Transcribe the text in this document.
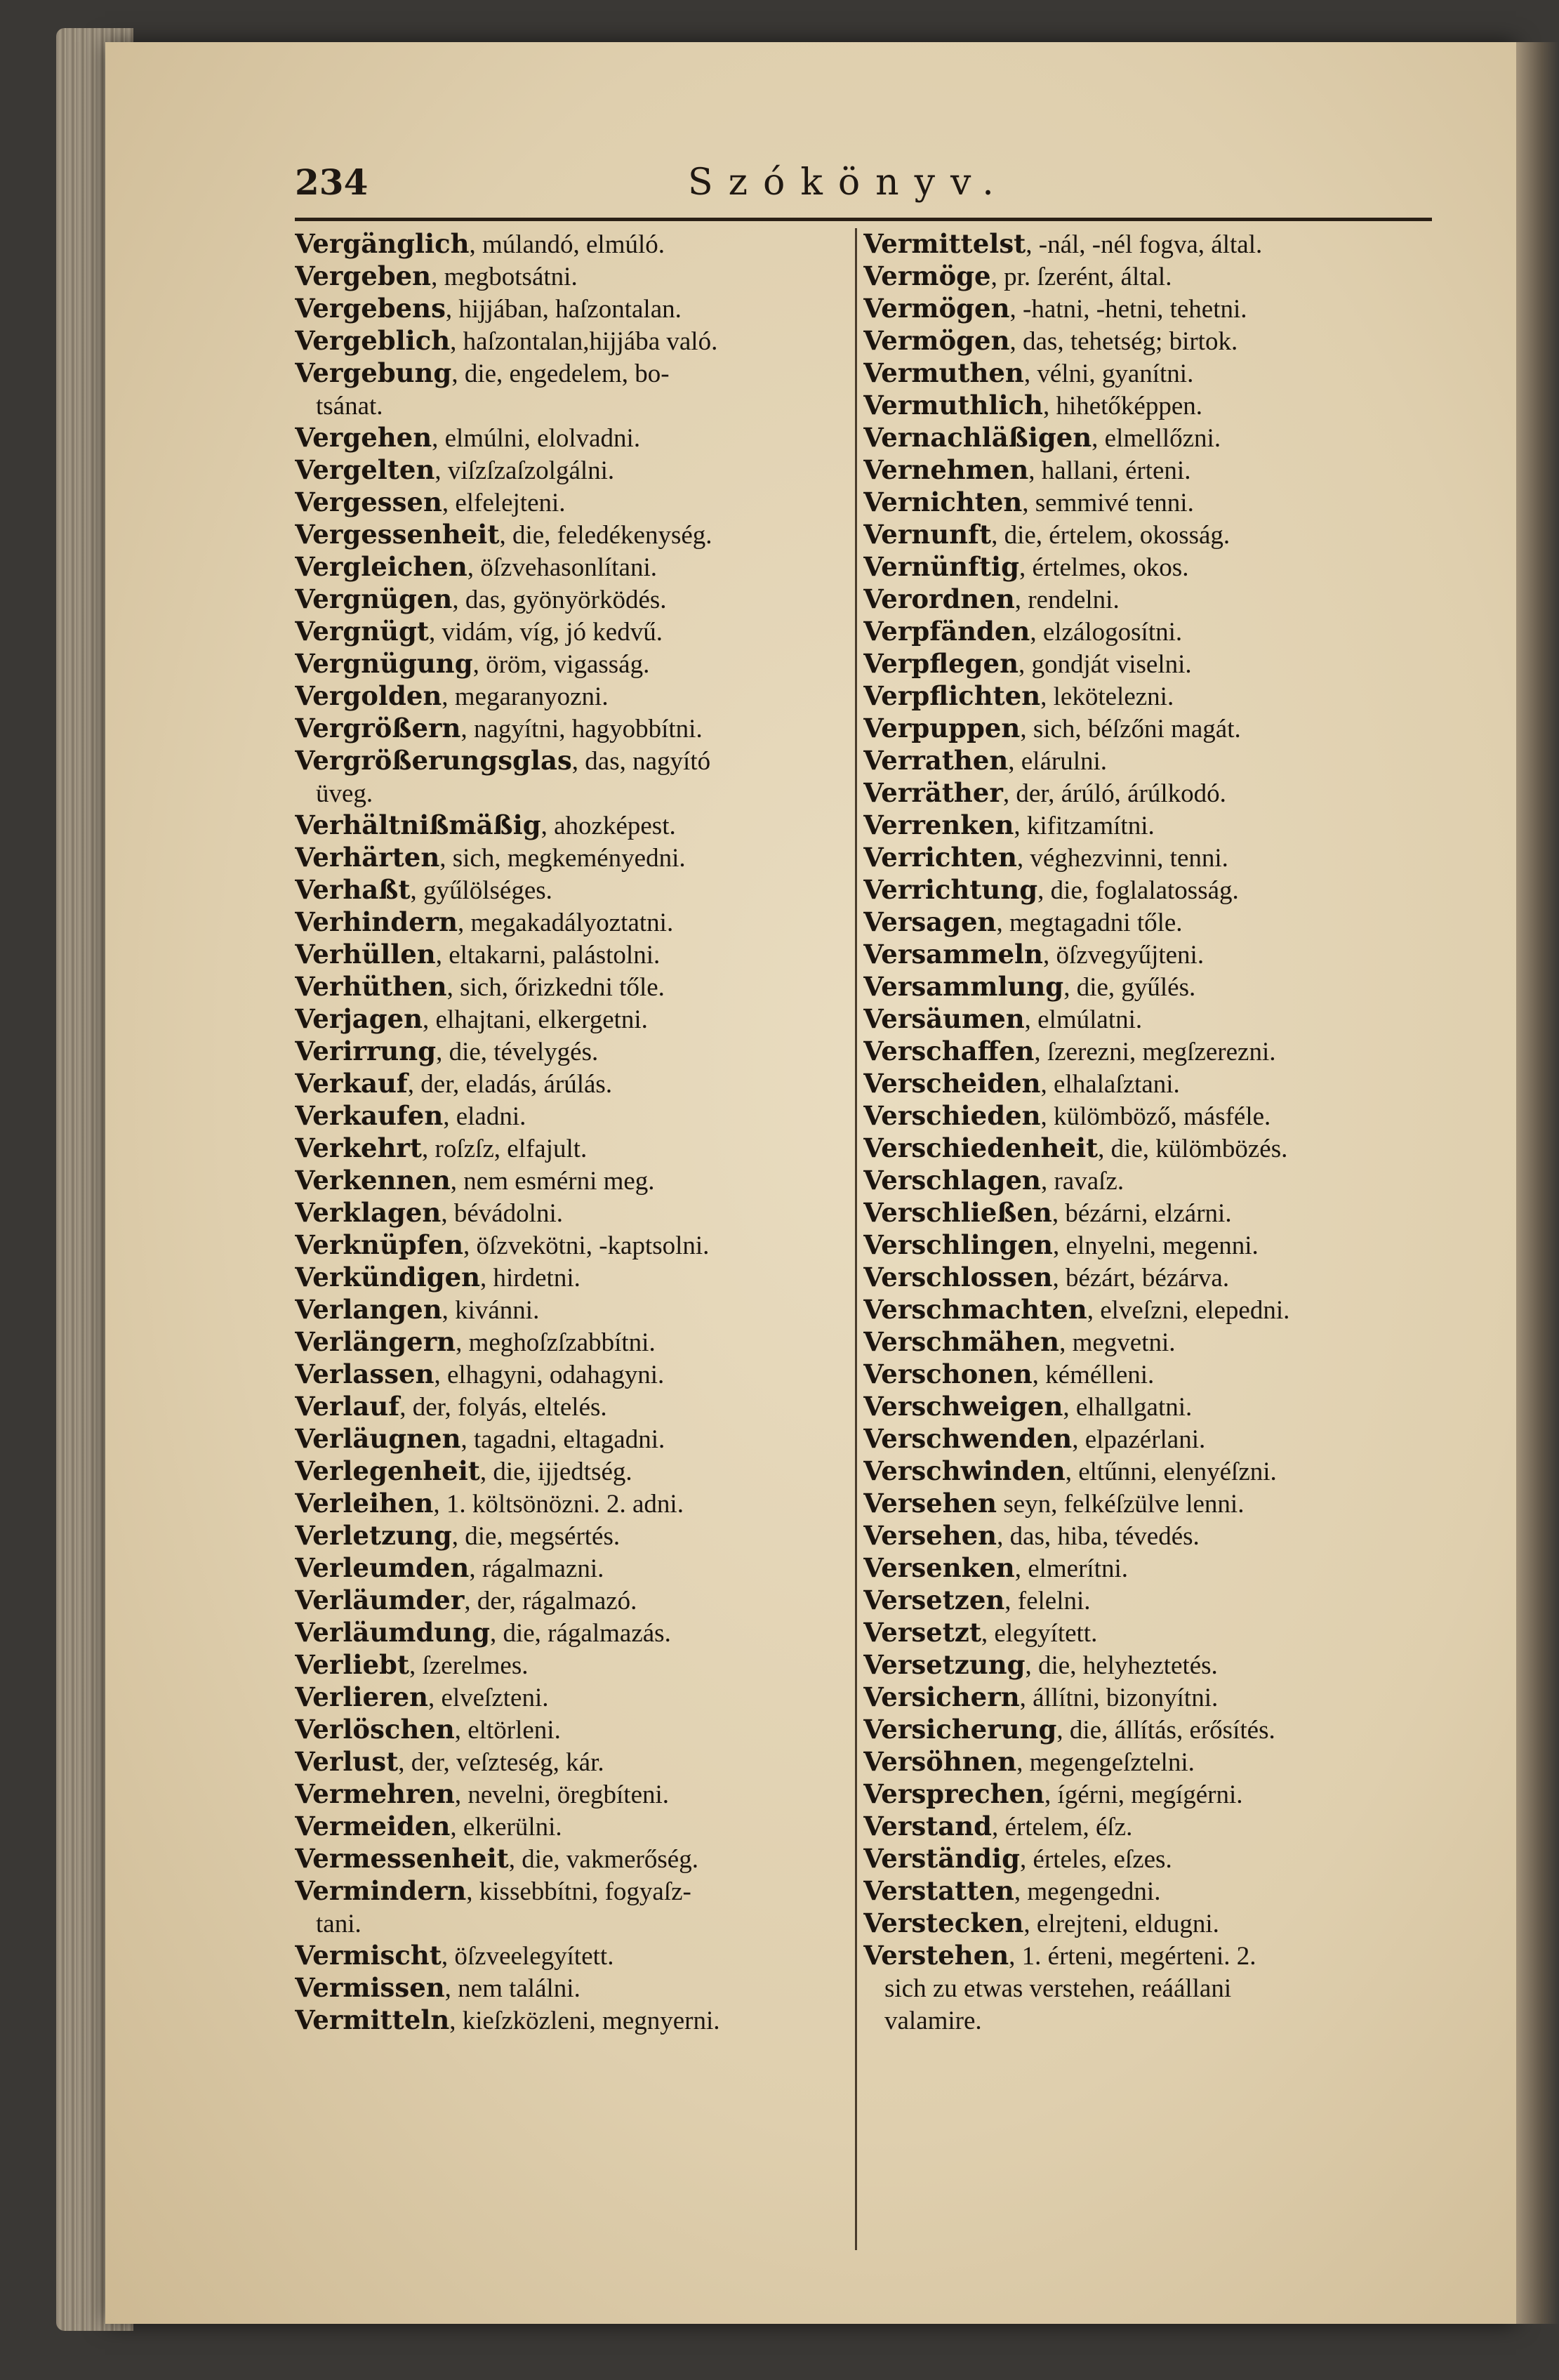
234	Szókönyv.
Vergänglich, múlandó, elmúló.
Vergeben, megbotsátni.
Vergebens, hijjában, haſzontalan.
Vergeblich, haſzontalan,hijjába való.
Vergebung, die, engedelem, bo-
tsánat.
Vergehen, elmúlni, elolvadni.
Vergelten, viſzſzaſzolgálni.
Vergessen, elfelejteni.
Vergessenheit, die, feledékenység.
Vergleichen, öſzvehasonlítani.
Vergnügen, das, gyönyörködés.
Vergnügt, vidám, víg, jó kedvű.
Vergnügung, öröm, vigasság.
Vergolden, megaranyozni.
Vergrößern, nagyítni, hagyobbítni.
Vergrößerungsglas, das, nagyító
üveg.
Verhältnißmäßig, ahozképest.
Verhärten, sich, megkeményedni.
Verhaßt, gyűlölséges.
Verhindern, megakadályoztatni.
Verhüllen, eltakarni, palástolni.
Verhüthen, sich, őrizkedni tőle.
Verjagen, elhajtani, elkergetni.
Verirrung, die, tévelygés.
Verkauf, der, eladás, árúlás.
Verkaufen, eladni.
Verkehrt, roſzſz, elfajult.
Verkennen, nem esmérni meg.
Verklagen, bévádolni.
Verknüpfen, öſzvekötni, -kaptsolni.
Verkündigen, hirdetni.
Verlangen, kivánni.
Verlängern, meghoſzſzabbítni.
Verlassen, elhagyni, odahagyni.
Verlauf, der, folyás, eltelés.
Verläugnen, tagadni, eltagadni.
Verlegenheit, die, ijjedtség.
Verleihen, 1. költsönözni. 2. adni.
Verletzung, die, megsértés.
Verleumden, rágalmazni.
Verläumder, der, rágalmazó.
Verläumdung, die, rágalmazás.
Verliebt, ſzerelmes.
Verlieren, elveſzteni.
Verlöschen, eltörleni.
Verlust, der, veſzteség, kár.
Vermehren, nevelni, öregbíteni.
Vermeiden, elkerülni.
Vermessenheit, die, vakmerőség.
Vermindern, kissebbítni, fogyaſz-
tani.
Vermischt, öſzveelegyített.
Vermissen, nem találni.
Vermitteln, kieſzközleni, megnyerni.
Vermittelst, -nál, -nél fogva, által.
Vermöge, pr. ſzerént, által.
Vermögen, -hatni, -hetni, tehetni.
Vermögen, das, tehetség; birtok.
Vermuthen, vélni, gyanítni.
Vermuthlich, hihetőképpen.
Vernachläßigen, elmellőzni.
Vernehmen, hallani, érteni.
Vernichten, semmivé tenni.
Vernunft, die, értelem, okosság.
Vernünftig, értelmes, okos.
Verordnen, rendelni.
Verpfänden, elzálogosítni.
Verpflegen, gondját viselni.
Verpflichten, lekötelezni.
Verpuppen, sich, béſzőni magát.
Verrathen, elárulni.
Verräther, der, árúló, árúlkodó.
Verrenken, kifitzamítni.
Verrichten, véghezvinni, tenni.
Verrichtung, die, foglalatosság.
Versagen, megtagadni tőle.
Versammeln, öſzvegyűjteni.
Versammlung, die, gyűlés.
Versäumen, elmúlatni.
Verschaffen, ſzerezni, megſzerezni.
Verscheiden, elhalaſztani.
Verschieden, külömböző, másféle.
Verschiedenheit, die, külömbözés.
Verschlagen, ravaſz.
Verschließen, bézárni, elzárni.
Verschlingen, elnyelni, megenni.
Verschlossen, bézárt, bézárva.
Verschmachten, elveſzni, elepedni.
Verschmähen, megvetni.
Verschonen, kémélleni.
Verschweigen, elhallgatni.
Verschwenden, elpazérlani.
Verschwinden, eltűnni, elenyéſzni.
Versehen seyn, felkéſzülve lenni.
Versehen, das, hiba, tévedés.
Versenken, elmerítni.
Versetzen, felelni.
Versetzt, elegyített.
Versetzung, die, helyheztetés.
Versichern, állítni, bizonyítni.
Versicherung, die, állítás, erősítés.
Versöhnen, megengeſztelni.
Versprechen, ígérni, megígérni.
Verstand, értelem, éſz.
Verständig, érteles, eſzes.
Verstatten, megengedni.
Verstecken, elrejteni, eldugni.
Verstehen, 1. érteni, megérteni. 2.
sich zu etwas verstehen, reáállani
valamire.
